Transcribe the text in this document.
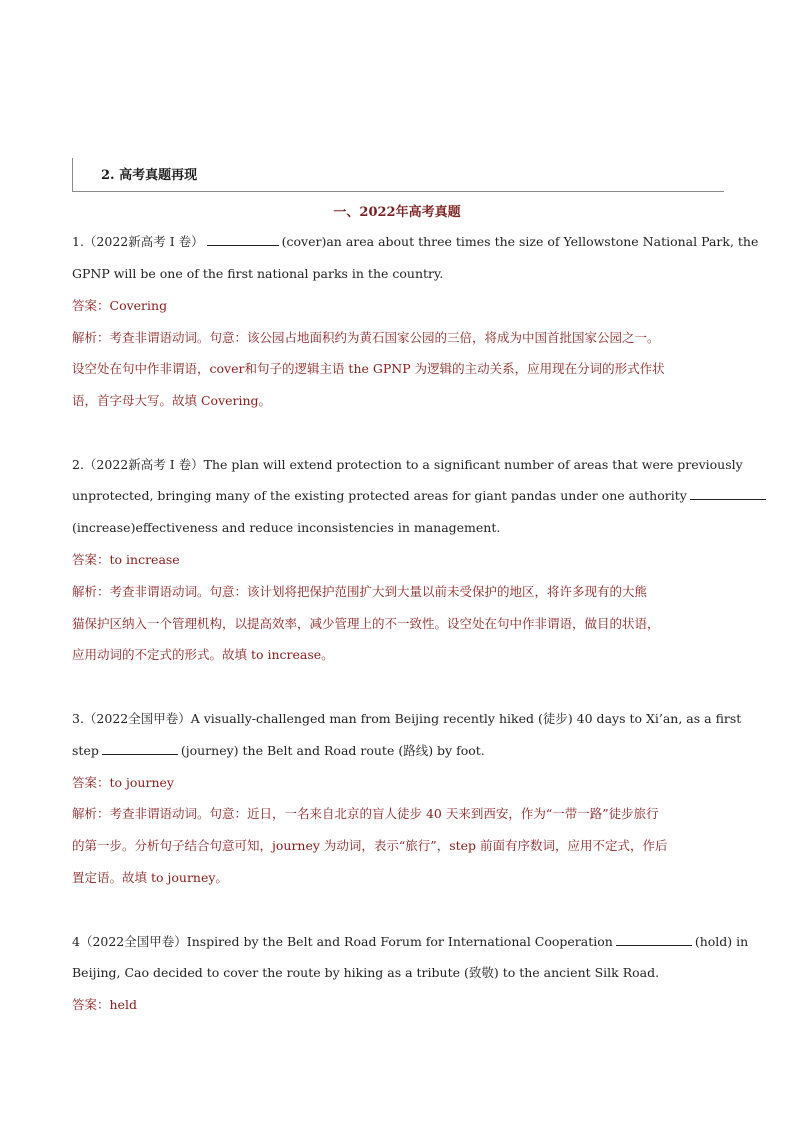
2. 高考真题再现
一、2022年高考真题
1.（2022新高考 I 卷）	(cover)an area about three times the size of Yellowstone National Park, the
GPNP will be one of the first national parks in the country.
答案：Covering
解析：考查非谓语动词。句意：该公园占地面积约为黄石国家公园的三倍，将成为中国首批国家公园之一。
设空处在句中作非谓语，cover和句子的逻辑主语 the GPNP 为逻辑的主动关系，应用现在分词的形式作状
语，首字母大写。故填 Covering。
2.（2022新高考 I 卷）The plan will extend protection to a significant number of areas that were previously
unprotected, bringing many of the existing protected areas for giant pandas under one authority
(increase)effectiveness and reduce inconsistencies in management.
答案：to increase
解析：考查非谓语动词。句意：该计划将把保护范围扩大到大量以前未受保护的地区，将许多现有的大熊
猫保护区纳入一个管理机构，以提高效率，减少管理上的不一致性。设空处在句中作非谓语，做目的状语，
应用动词的不定式的形式。故填 to increase。
3.（2022全国甲卷）A visually-challenged man from Beijing recently hiked (徒步) 40 days to Xi’an, as a first
step	(journey) the Belt and Road route (路线) by foot.
答案：to journey
解析：考查非谓语动词。句意：近日，一名来自北京的盲人徒步 40 天来到西安，作为“一带一路”徒步旅行
的第一步。分析句子结合句意可知，journey 为动词，表示“旅行”，step 前面有序数词，应用不定式，作后
置定语。故填 to journey。
4（2022全国甲卷）Inspired by the Belt and Road Forum for International Cooperation	(hold) in
Beijing, Cao decided to cover the route by hiking as a tribute (致敬) to the ancient Silk Road.
答案：held
